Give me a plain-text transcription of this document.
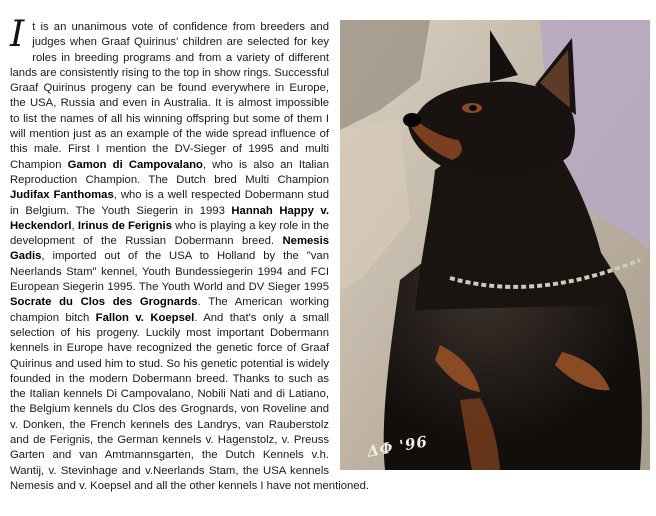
ΔΦ '96
I t is an unanimous vote of confidence from breeders and judges when Graaf Quirinus' children are selected for key roles in breeding programs and from a variety of different lands are consistently rising to the top in show rings. Successful Graaf Quirinus progeny can be found everywhere in Europe, the USA, Russia and even in Australia. It is almost impossible to list the names of all his winning offspring but some of them I will mention just as an example of the wide spread influence of this male. First I mention the DV-Sieger of 1995 and multi Champion Gamon di Campovalano, who is also an Italian Reproduction Champion. The Dutch bred Multi Champion Judifax Fanthomas, who is a well respected Dobermann stud in Belgium. The Youth Siegerin in 1993 Hannah Happy v. Heckendorl, Irinus de Ferignis who is playing a key role in the development of the Russian Dobermann breed. Nemesis Gadis, imported out of the USA to Holland by the "van Neerlands Stam" kennel, Youth Bundessiegerin 1994 and FCI European Siegerin 1995. The Youth World and DV Sieger 1995 Socrate du Clos des Grognards. The American working champion bitch Fallon v. Koepsel. And that's only a small selection of his progeny. Luckily most important Dobermann kennels in Europe have recognized the genetic force of Graaf Quirinus and used him to stud. So his genetic potential is widely founded in the modern Dobermann breed. Thanks to such as the Italian kennels Di Campovalano, Nobili Nati and di Latiano, the Belgium kennels du Clos des Grognards, von Roveline and v. Donken, the French kennels des Landrys, van Rauberstolz and de Ferignis, the German kennels v. Hagenstolz, v. Preuss Garten and van Amtmannsgarten, the Dutch Kennels v.h. Wantij, v. Stevinhage and v.Neerlands Stam, the USA kennels Nemesis and v. Koepsel and all the other kennels I have not mentioned.
